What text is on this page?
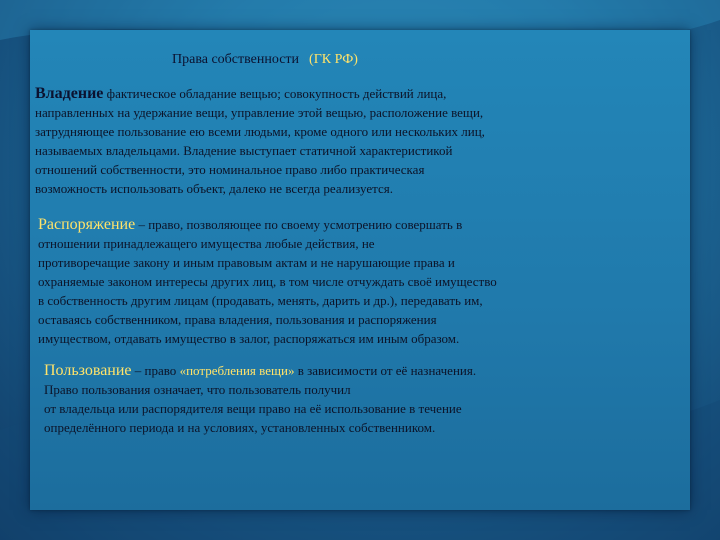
Права собственности (ГК РФ)
Владение фактическое обладание вещью; совокупность действий лица,
направленных на удержание вещи, управление этой вещью, расположение вещи,
затрудняющее пользование ею всеми людьми, кроме одного или нескольких лиц,
называемых владельцами. Владение выступает статичной характеристикой
отношений собственности, это номинальное право либо практическая
возможность использовать объект, далеко не всегда реализуется.
Распоряжение – право, позволяющее по своему усмотрению совершать в
отношении принадлежащего имущества любые действия, не
противоречащие закону и иным правовым актам и не нарушающие права и
охраняемые законом интересы других лиц, в том числе отчуждать своё имущество
в собственность другим лицам (продавать, менять, дарить и др.), передавать им,
оставаясь собственником, права владения, пользования и распоряжения
имуществом, отдавать имущество в залог, распоряжаться им иным образом.
Пользование – право «потребления вещи» в зависимости от её назначения.
Право пользования означает, что пользователь получил
от владельца или распорядителя вещи право на её использование в течение
определённого периода и на условиях, установленных собственником.
